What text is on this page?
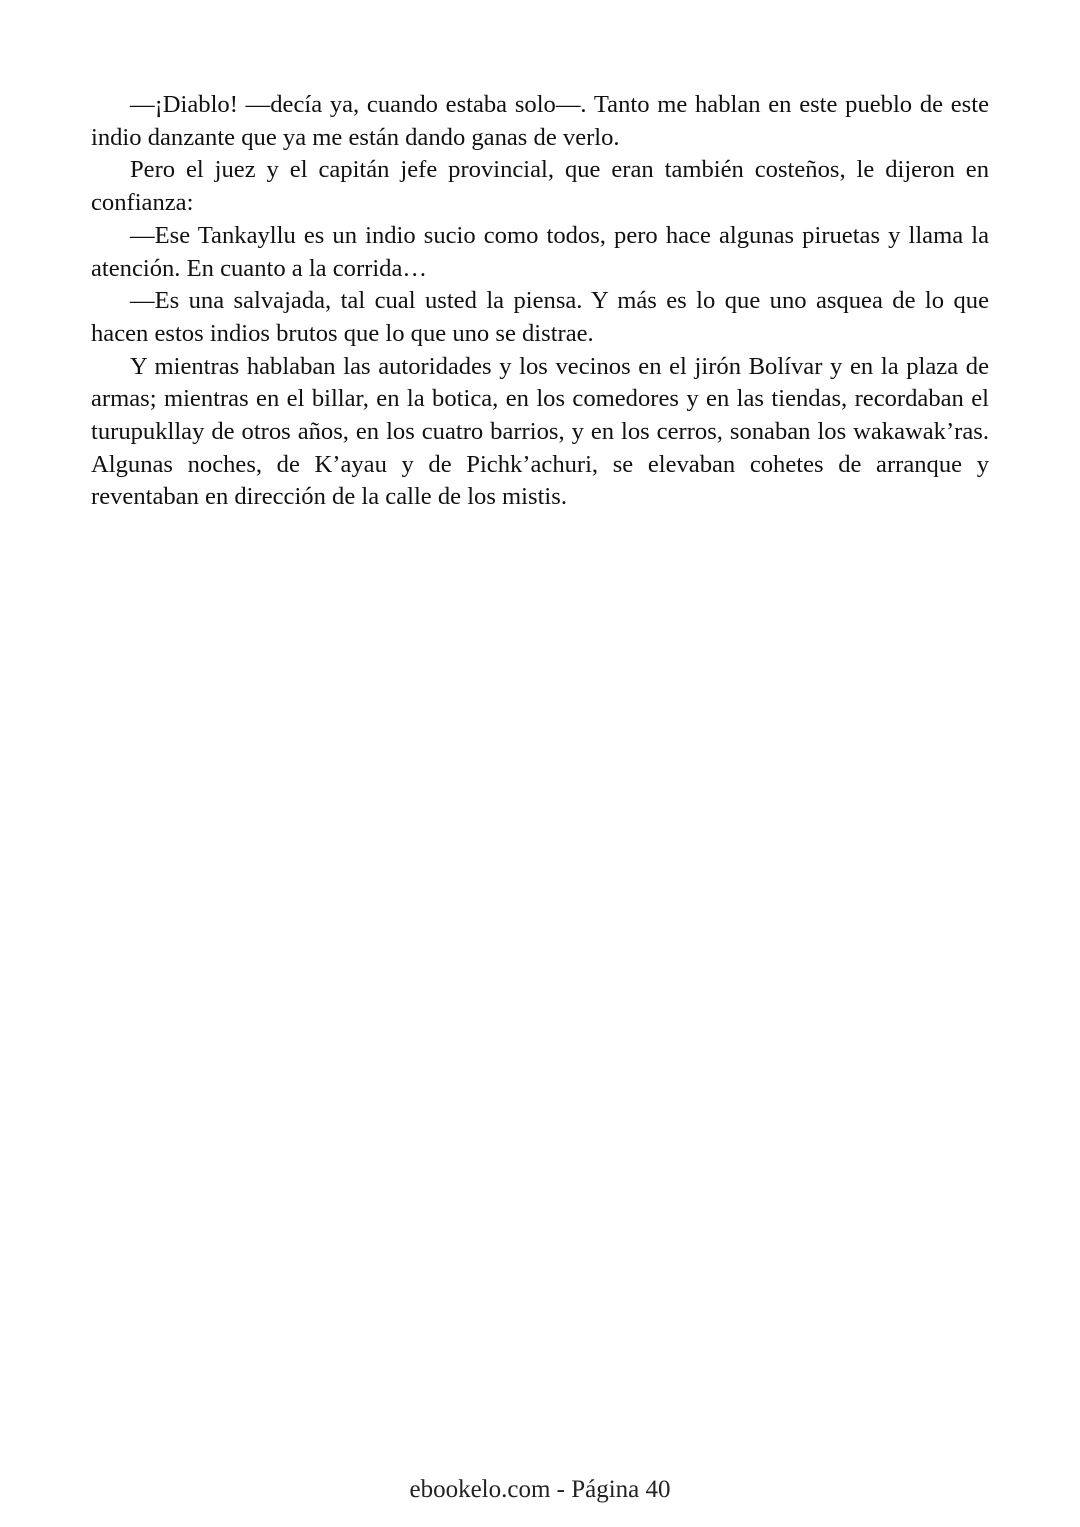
—¡Diablo! —decía ya, cuando estaba solo—. Tanto me hablan en este pueblo de este indio danzante que ya me están dando ganas de verlo.

Pero el juez y el capitán jefe provincial, que eran también costeños, le dijeron en confianza:

—Ese Tankayllu es un indio sucio como todos, pero hace algunas piruetas y llama la atención. En cuanto a la corrida…

—Es una salvajada, tal cual usted la piensa. Y más es lo que uno asquea de lo que hacen estos indios brutos que lo que uno se distrae.

Y mientras hablaban las autoridades y los vecinos en el jirón Bolívar y en la plaza de armas; mientras en el billar, en la botica, en los comedores y en las tiendas, recordaban el turupukllay de otros años, en los cuatro barrios, y en los cerros, sonaban los wakawak’ras. Algunas noches, de K’ayau y de Pichk’achuri, se elevaban cohetes de arranque y reventaban en dirección de la calle de los mistis.

ebookelo.com - Página 40
